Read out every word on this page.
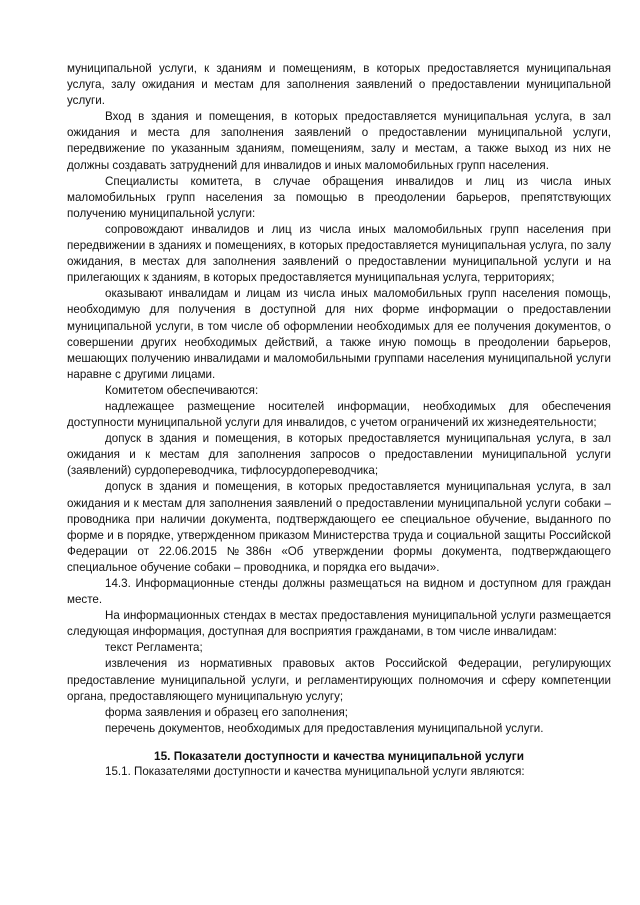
муниципальной услуги, к зданиям и помещениям, в которых предоставляется муниципальная услуга, залу ожидания и местам для заполнения заявлений о предоставлении муниципальной услуги.

Вход в здания и помещения, в которых предоставляется муниципальная услуга, в зал ожидания и места для заполнения заявлений о предоставлении муниципальной услуги, передвижение по указанным зданиям, помещениям, залу и местам, а также выход из них не должны создавать затруднений для инвалидов и иных маломобильных групп населения.

Специалисты комитета, в случае обращения инвалидов и лиц из числа иных маломобильных групп населения за помощью в преодолении барьеров, препятствующих получению муниципальной услуги:

сопровождают инвалидов и лиц из числа иных маломобильных групп населения при передвижении в зданиях и помещениях, в которых предоставляется муниципальная услуга, по залу ожидания, в местах для заполнения заявлений о предоставлении муниципальной услуги и на прилегающих к зданиям, в которых предоставляется муниципальная услуга, территориях;

оказывают инвалидам и лицам из числа иных маломобильных групп населения помощь, необходимую для получения в доступной для них форме информации о предоставлении муниципальной услуги, в том числе об оформлении необходимых для ее получения документов, о совершении других необходимых действий, а также иную помощь в преодолении барьеров, мешающих получению инвалидами и маломобильными группами населения муниципальной услуги наравне с другими лицами.

Комитетом обеспечиваются:

надлежащее размещение носителей информации, необходимых для обеспечения доступности муниципальной услуги для инвалидов, с учетом ограничений их жизнедеятельности;

допуск в здания и помещения, в которых предоставляется муниципальная услуга, в зал ожидания и к местам для заполнения запросов о предоставлении муниципальной услуги (заявлений) сурдопереводчика, тифлосурдопереводчика;

допуск в здания и помещения, в которых предоставляется муниципальная услуга, в зал ожидания и к местам для заполнения заявлений о предоставлении муниципальной услуги собаки – проводника при наличии документа, подтверждающего ее специальное обучение, выданного по форме и в порядке, утвержденном приказом Министерства труда и социальной защиты Российской Федерации от 22.06.2015 №386н «Об утверждении формы документа, подтверждающего специальное обучение собаки – проводника, и порядка его выдачи».

14.3. Информационные стенды должны размещаться на видном и доступном для граждан месте.

На информационных стендах в местах предоставления муниципальной услуги размещается следующая информация, доступная для восприятия гражданами, в том числе инвалидам:

текст Регламента;

извлечения из нормативных правовых актов Российской Федерации, регулирующих предоставление муниципальной услуги, и регламентирующих полномочия и сферу компетенции органа, предоставляющего муниципальную услугу;

форма заявления и образец его заполнения;

перечень документов, необходимых для предоставления муниципальной услуги.

15. Показатели доступности и качества муниципальной услуги

15.1. Показателями доступности и качества муниципальной услуги являются:
